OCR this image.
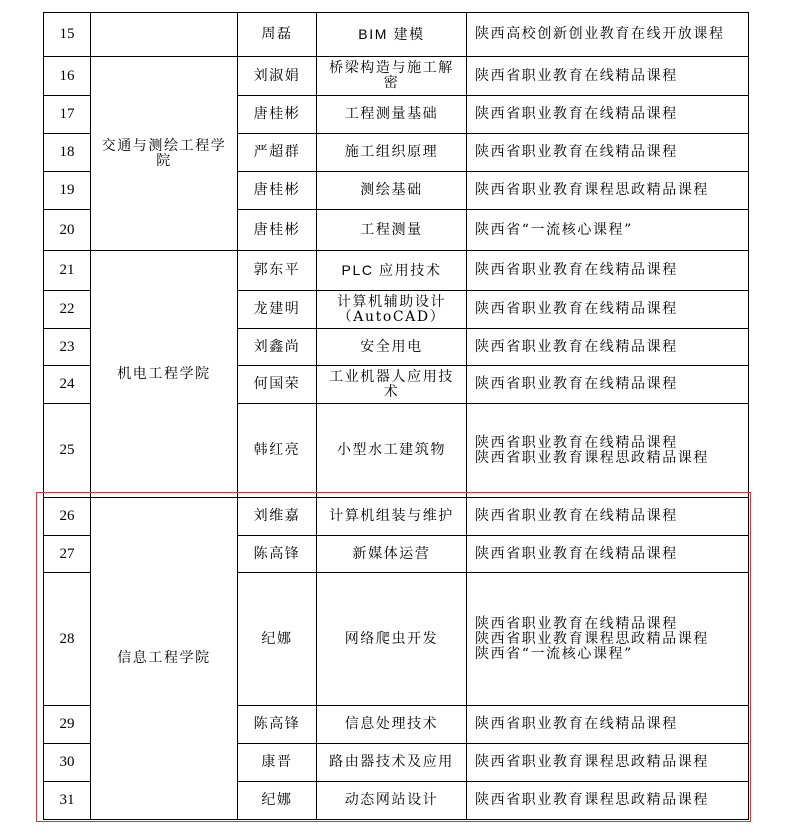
15		周磊	BIM 建模	陕西高校创新创业教育在线开放课程

16	交通与测绘工程学院	刘淑娟	桥梁构造与施工解密	陕西省职业教育在线精品课程

17		唐桂彬	工程测量基础	陕西省职业教育在线精品课程

18		严超群	施工组织原理	陕西省职业教育在线精品课程

19		唐桂彬	测绘基础	陕西省职业教育课程思政精品课程

20		唐桂彬	工程测量	陕西省“一流核心课程”

21	机电工程学院	郭东平	PLC 应用技术	陕西省职业教育在线精品课程

22		龙建明	计算机辅助设计（AutoCAD）	陕西省职业教育在线精品课程

23		刘鑫尚	安全用电	陕西省职业教育在线精品课程

24		何国荣	工业机器人应用技术	陕西省职业教育在线精品课程

25		韩红亮	小型水工建筑物	陕西省职业教育在线精品课程
陕西省职业教育课程思政精品课程

26	信息工程学院	刘维嘉	计算机组装与维护	陕西省职业教育在线精品课程

27		陈高锋	新媒体运营	陕西省职业教育在线精品课程

28		纪娜	网络爬虫开发	陕西省职业教育在线精品课程
陕西省职业教育课程思政精品课程
陕西省“一流核心课程”

29		陈高锋	信息处理技术	陕西省职业教育在线精品课程

30		康晋	路由器技术及应用	陕西省职业教育课程思政精品课程

31		纪娜	动态网站设计	陕西省职业教育课程思政精品课程
